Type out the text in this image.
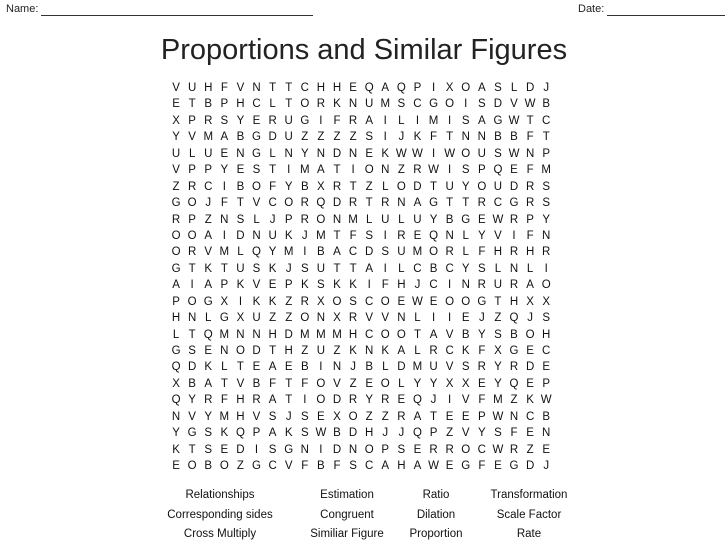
Name:	Date:
Proportions and Similar Figures
V U H F V N T T C H H E Q A Q P I X O A S L D J
E T B P H C L T O R K N U M S C G O I S D V W B
X P R S Y E R U G I F R A I L I M I S A G W T C
Y V M A B G D U Z Z Z Z S I	J K F T N N B B F T
U L U E N G L N Y N D N E K W W I W O U S W N P
V P P Y E S T I M A T I O N Z R W I S P Q E F M
Z R C I B O F Y B X R T Z L O D T U Y O U D R S
G O J F T V C O R Q D R T R N A G T T R C G R S
R P Z N S L J P R O N M L U L U Y B G E W R P Y
O O A I D N U K J M T F S I R E Q N L Y V I F N
O R V M L Q Y M I B A C D S U M O R L F H R H R
G T K T U S K J S U T T A I L C B C Y S L N L I
A I A P K V E P K S K K I F H J C I N R U R A O
P O G X I K K Z R X O S C O E W E O O G T H X X
H N L G X U Z Z O N X R V V N L I	I E J Z Q J S
L T Q M N N H D M M M H C O O T A V B Y S B O H
G S E N O D T H Z U Z K N K A L R C K F X G E C
Q D K L T E A E B I N J B L D M U V S R Y R D E
X B A T V B F T F O V Z E O L Y Y X X E Y Q E P
Q Y R F H R A T I O D R Y R E Q J	I V F M Z K W
N V Y M H V S J S E X O Z Z R A T E E P W N C B
Y G S K Q P A K S W B D H J J Q P Z V Y S F E N
K T S E D I S G N I D N O P S E R R O C W R Z E
E O B O Z G C V F B F S C A H A W E G F E G D J
Relationships	Estimation	Ratio	Transformation
Corresponding sides	Congruent	Dilation	Scale Factor
Cross Multiply	Similiar Figure	Proportion	Rate
